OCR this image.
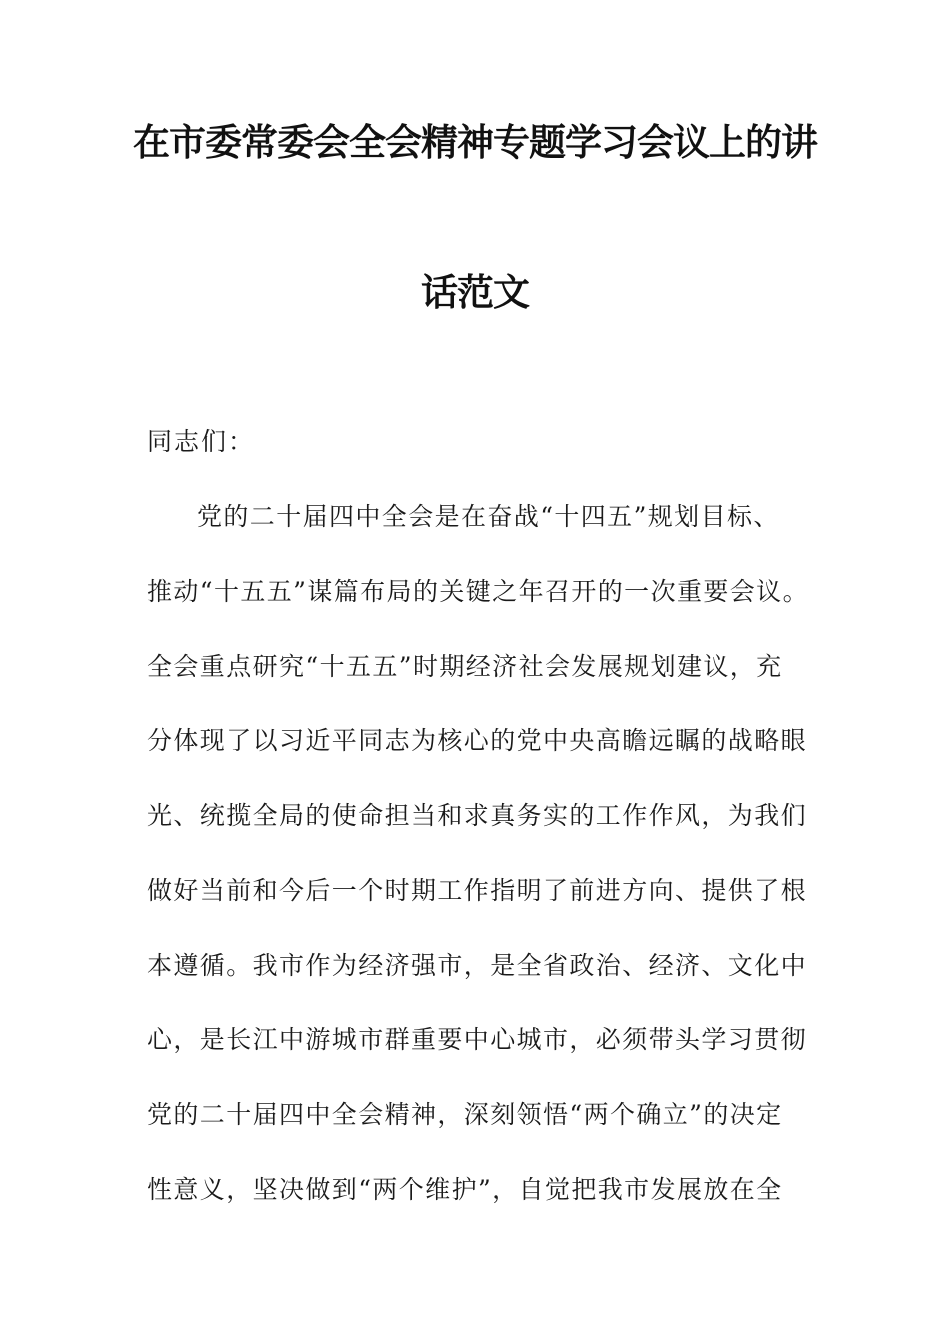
在市委常委会全会精神专题学习会议上的讲
话范文
同志们：
党的二十届四中全会是在奋战“十四五”规划目标、
推动“十五五”谋篇布局的关键之年召开的一次重要会议。
全会重点研究“十五五”时期经济社会发展规划建议，充
分体现了以习近平同志为核心的党中央高瞻远瞩的战略眼
光、统揽全局的使命担当和求真务实的工作作风，为我们
做好当前和今后一个时期工作指明了前进方向、提供了根
本遵循。我市作为经济强市，是全省政治、经济、文化中
心，是长江中游城市群重要中心城市，必须带头学习贯彻
党的二十届四中全会精神，深刻领悟“两个确立”的决定
性意义，坚决做到“两个维护”，自觉把我市发展放在全
